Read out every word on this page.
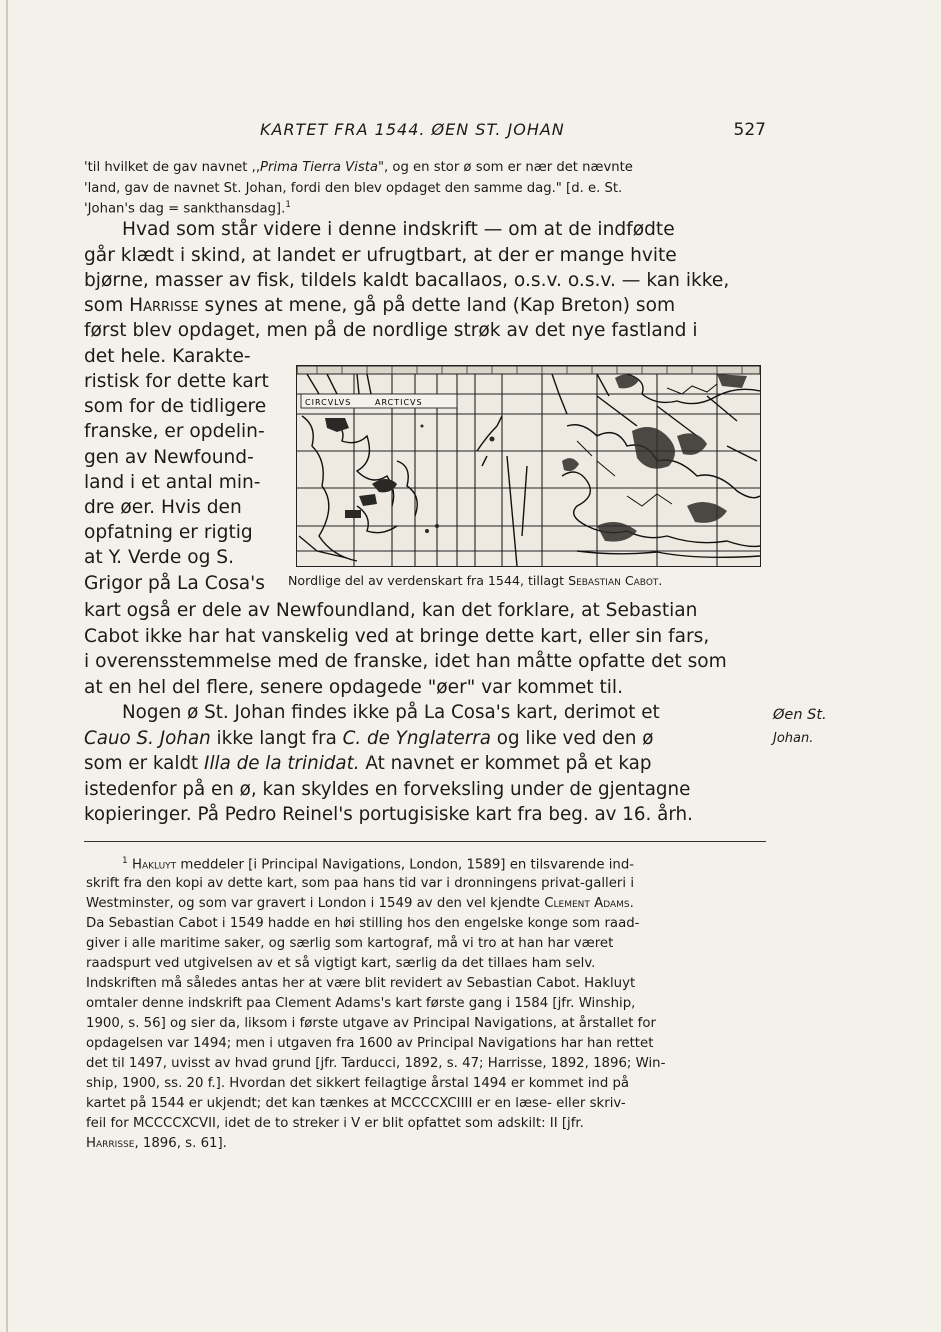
KARTET FRA 1544. ØEN ST. JOHAN	527
'til hvilket de gav navnet ,,Prima Tierra Vista", og en stor ø som er nær det nævnte
'land, gav de navnet St. Johan, fordi den blev opdaget den samme dag." [d. e. St.
'Johan's dag = sankthansdag].$^1$
Hvad som står videre i denne indskrift — om at de indfødte
går klædt i skind, at landet er ufrugtbart, at der er mange hvite
bjørne, masser av fisk, tildels kaldt bacallaos, o.s.v. o.s.v. — kan ikke,
som Harrisse synes at mene, gå på dette land (Kap Breton) som
først blev opdaget, men på de nordlige strøk av det nye fastland i
det hele. Karakte-
ristisk for dette kart
som for de tidligere
franske, er opdelin-
gen av Newfound-
land i et antal min-
dre øer. Hvis den
opfatning er rigtig
at Y. Verde og S.
Grigor på La Cosa's
kart også er dele av Newfoundland, kan det forklare, at Sebastian
Cabot ikke har hat vanskelig ved at bringe dette kart, eller sin fars,
i overensstemmelse med de franske, idet han måtte opfatte det som
at en hel del flere, senere opdagede "øer" var kommet til.
Nogen ø St. Johan findes ikke på La Cosa's kart, derimot et
Cauo S. Johan ikke langt fra C. de Ynglaterra og like ved den ø
som er kaldt Illa de la trinidat. At navnet er kommet på et kap
istedenfor på en ø, kan skyldes en forveksling under de gjentagne
kopieringer. På Pedro Reinel's portugisiske kart fra beg. av 16. årh.
Øen St.
Johan.
CIRCVLVS	ARCTICVS
Nordlige del av verdenskart fra 1544, tillagt Sebastian Cabot.
$^1$ Hakluyt meddeler [i Principal Navigations, London, 1589] en tilsvarende ind-
skrift fra den kopi av dette kart, som paa hans tid var i dronningens privat-galleri i
Westminster, og som var gravert i London i 1549 av den vel kjendte Clement Adams.
Da Sebastian Cabot i 1549 hadde en høi stilling hos den engelske konge som raad-
giver i alle maritime saker, og særlig som kartograf, må vi tro at han har været
raadspurt ved utgivelsen av et så vigtigt kart, særlig da det tillaes ham selv.
Indskriften må således antas her at være blit revidert av Sebastian Cabot. Hakluyt
omtaler denne indskrift paa Clement Adams's kart første gang i 1584 [jfr. Winship,
1900, s. 56] og sier da, liksom i første utgave av Principal Navigations, at årstallet for
opdagelsen var 1494; men i utgaven fra 1600 av Principal Navigations har han rettet
det til 1497, uvisst av hvad grund [jfr. Tarducci, 1892, s. 47; Harrisse, 1892, 1896; Win-
ship, 1900, ss. 20 f.]. Hvordan det sikkert feilagtige årstal 1494 er kommet ind på
kartet på 1544 er ukjendt; det kan tænkes at MCCCCXCIIII er en læse- eller skriv-
feil for MCCCCXCVII, idet de to streker i V er blit opfattet som adskilt: II [jfr.
Harrisse, 1896, s. 61].
